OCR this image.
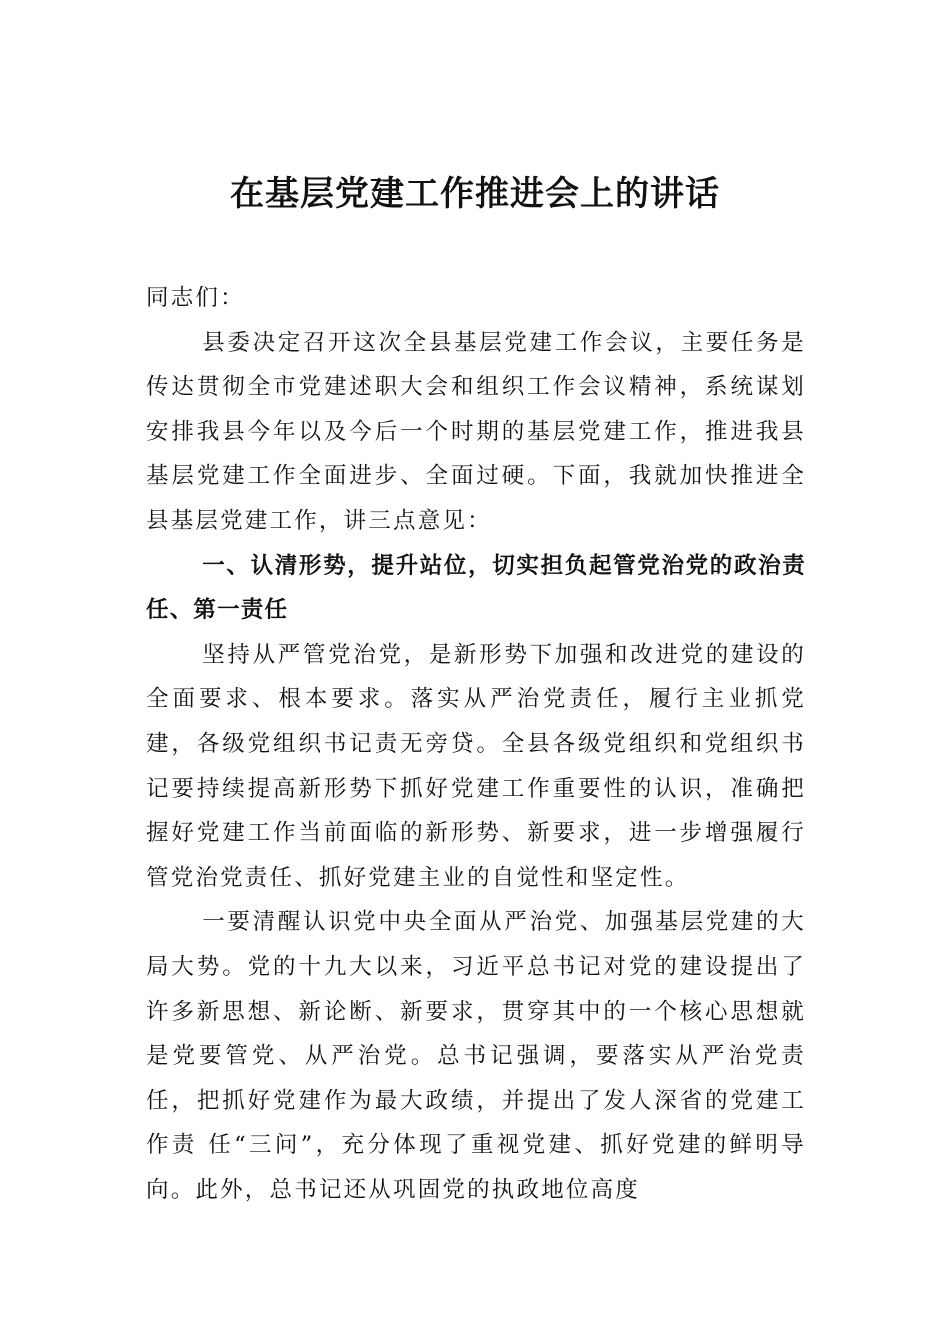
在基层党建工作推进会上的讲话

同志们：

县委决定召开这次全县基层党建工作会议，主要任务是传达贯彻全市党建述职大会和组织工作会议精神，系统谋划安排我县今年以及今后一个时期的基层党建工作，推进我县基层党建工作全面进步、全面过硬。下面，我就加快推进全县基层党建工作，讲三点意见：

一、认清形势，提升站位，切实担负起管党治党的政治责任、第一责任

坚持从严管党治党，是新形势下加强和改进党的建设的全面要求、根本要求。落实从严治党责任，履行主业抓党建，各级党组织书记责无旁贷。全县各级党组织和党组织书记要持续提高新形势下抓好党建工作重要性的认识，准确把握好党建工作当前面临的新形势、新要求，进一步增强履行管党治党责任、抓好党建主业的自觉性和坚定性。

一要清醒认识党中央全面从严治党、加强基层党建的大局大势。党的十九大以来，习近平总书记对党的建设提出了许多新思想、新论断、新要求，贯穿其中的一个核心思想就是党要管党、从严治党。总书记强调，要落实从严治党责任，把抓好党建作为最大政绩，并提出了发人深省的党建工作责 任“三问”，充分体现了重视党建、抓好党建的鲜明导向。此外，总书记还从巩固党的执政地位高度
